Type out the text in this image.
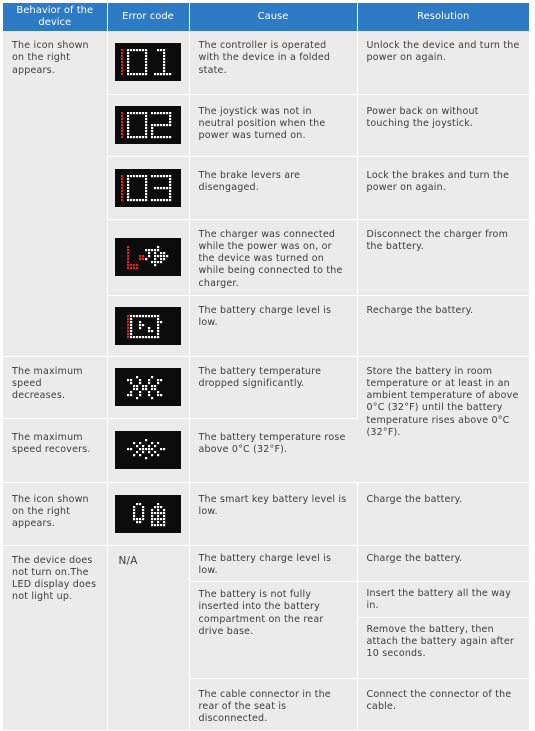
Behavior of the device	Error code	Cause	Resolution
The icon shown on the right appears.		The controller is operated with the device in a folded state.	Unlock the device and turn the power on again.

	The joystick was not in neutral position when the power was turned on.	Power back on without touching the joystick.

	The brake levers are disengaged.	Lock the brakes and turn the power on again.

	The charger was connected while the power was on, or the device was turned on while being connected to the charger.	Disconnect the charger from the battery.

	The battery charge level is low.	Recharge the battery.
The maximum speed decreases.		The battery temperature dropped significantly.	Store the battery in room temperature or at least in an ambient temperature of above 0°C (32°F) until the battery temperature rises above 0°C (32°F).
The maximum speed recovers.		The battery temperature rose above 0°C (32°F).	
The icon shown on the right appears.		The smart key battery level is low.	Charge the battery.
The device does not turn on.The LED display does not light up.	N/A	The battery charge level is low.	Charge the battery.
		The battery is not fully inserted into the battery compartment on the rear drive base.	Insert the battery all the way in.
			Remove the battery, then attach the battery again after 10 seconds.
		The cable connector in the rear of the seat is disconnected.	Connect the connector of the cable.
